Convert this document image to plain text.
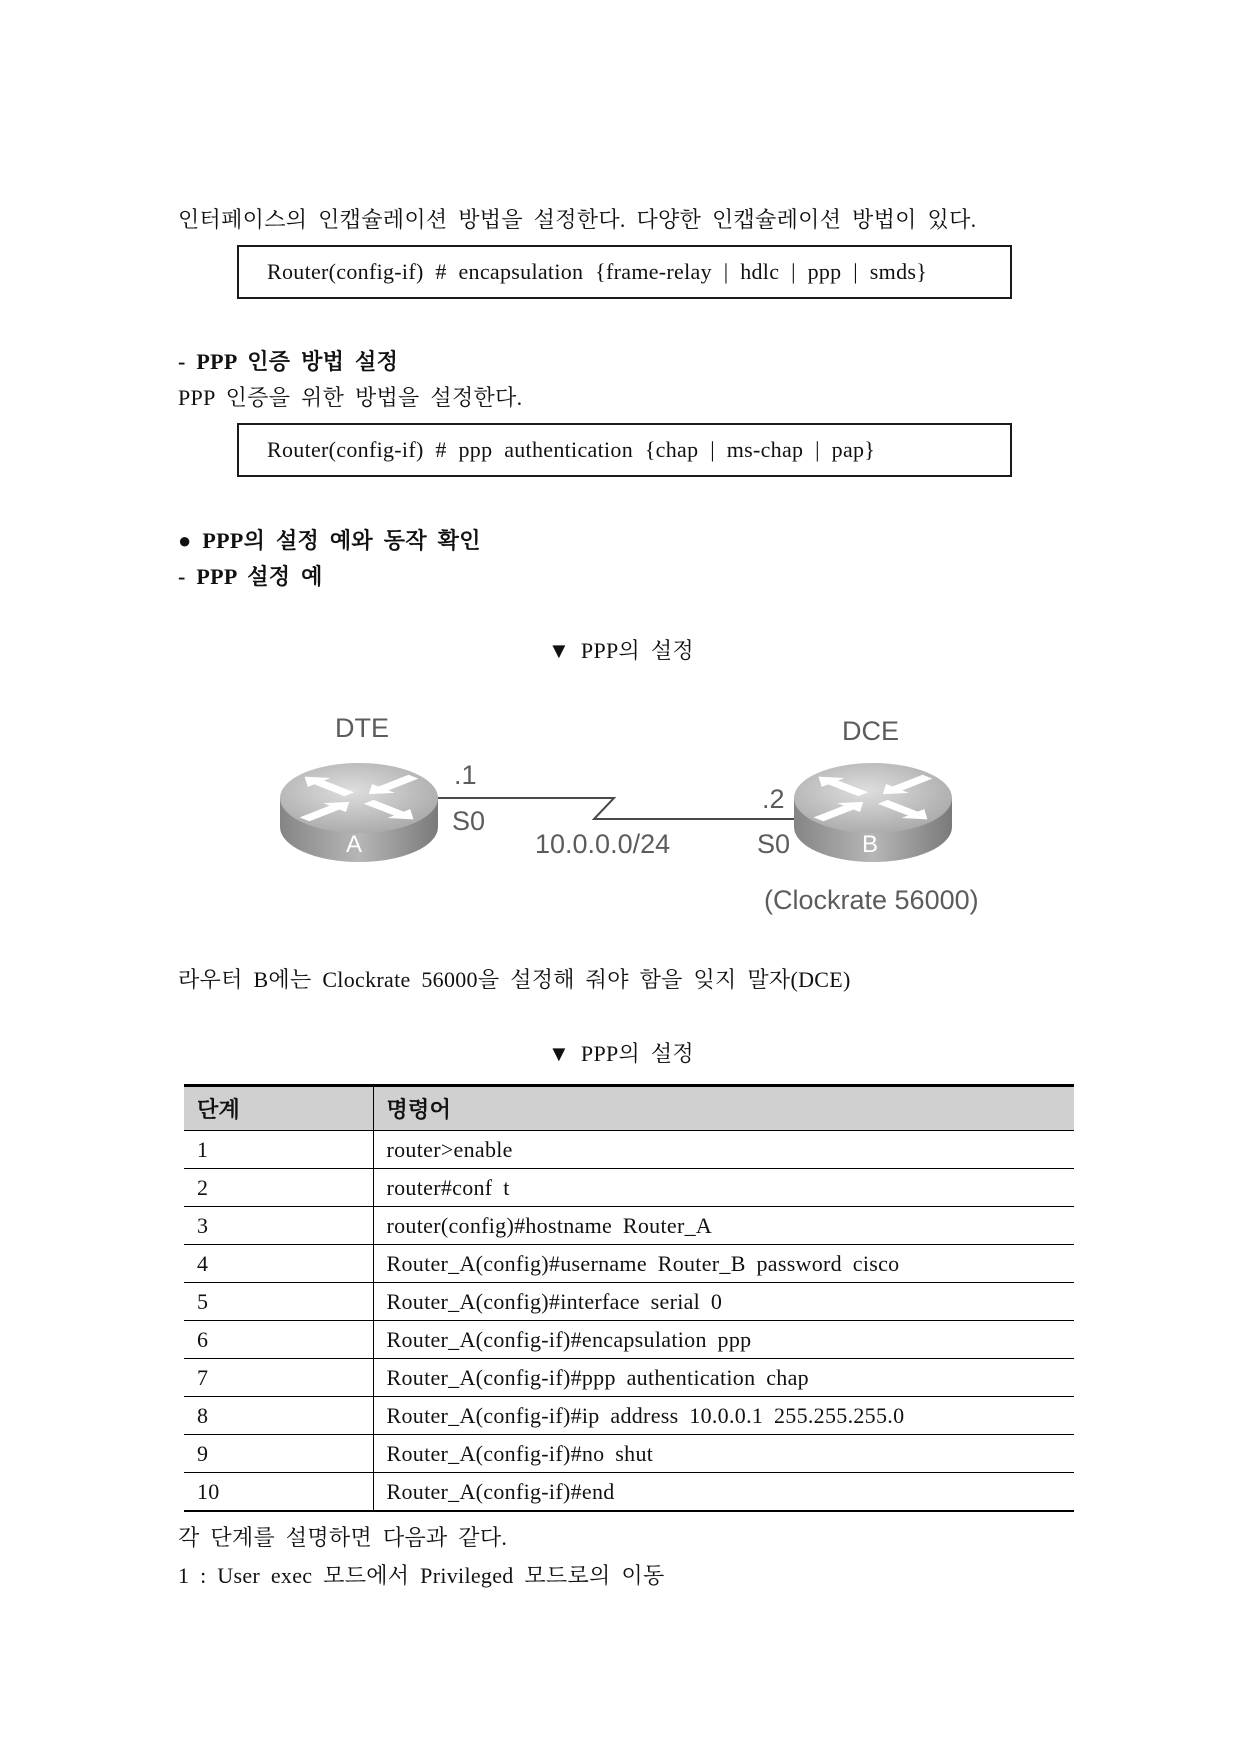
인터페이스의 인캡슐레이션 방법을 설정한다. 다양한 인캡슐레이션 방법이 있다.

Router(config-if) # encapsulation {frame-relay | hdlc | ppp | smds}

- PPP 인증 방법 설정

PPP 인증을 위한 방법을 설정한다.

Router(config-if) # ppp authentication {chap | ms-chap | pap}

● PPP의 설정 예와 동작 확인

- PPP 설정 예

▼ PPP의 설정

DTE
A
.1
S0
10.0.0.0/24
DCE
.2
S0	B
(Clockrate 56000)

라우터 B에는 Clockrate 56000을 설정해 줘야 함을 잊지 말자(DCE)

▼ PPP의 설정

단계	명령어
1	router>enable
2	router#conf t
3	router(config)#hostname Router_A
4	Router_A(config)#username Router_B password cisco
5	Router_A(config)#interface serial 0
6	Router_A(config-if)#encapsulation ppp
7	Router_A(config-if)#ppp authentication chap
8	Router_A(config-if)#ip address 10.0.0.1 255.255.255.0
9	Router_A(config-if)#no shut
10	Router_A(config-if)#end

각 단계를 설명하면 다음과 같다.

1 : User exec 모드에서 Privileged 모드로의 이동
